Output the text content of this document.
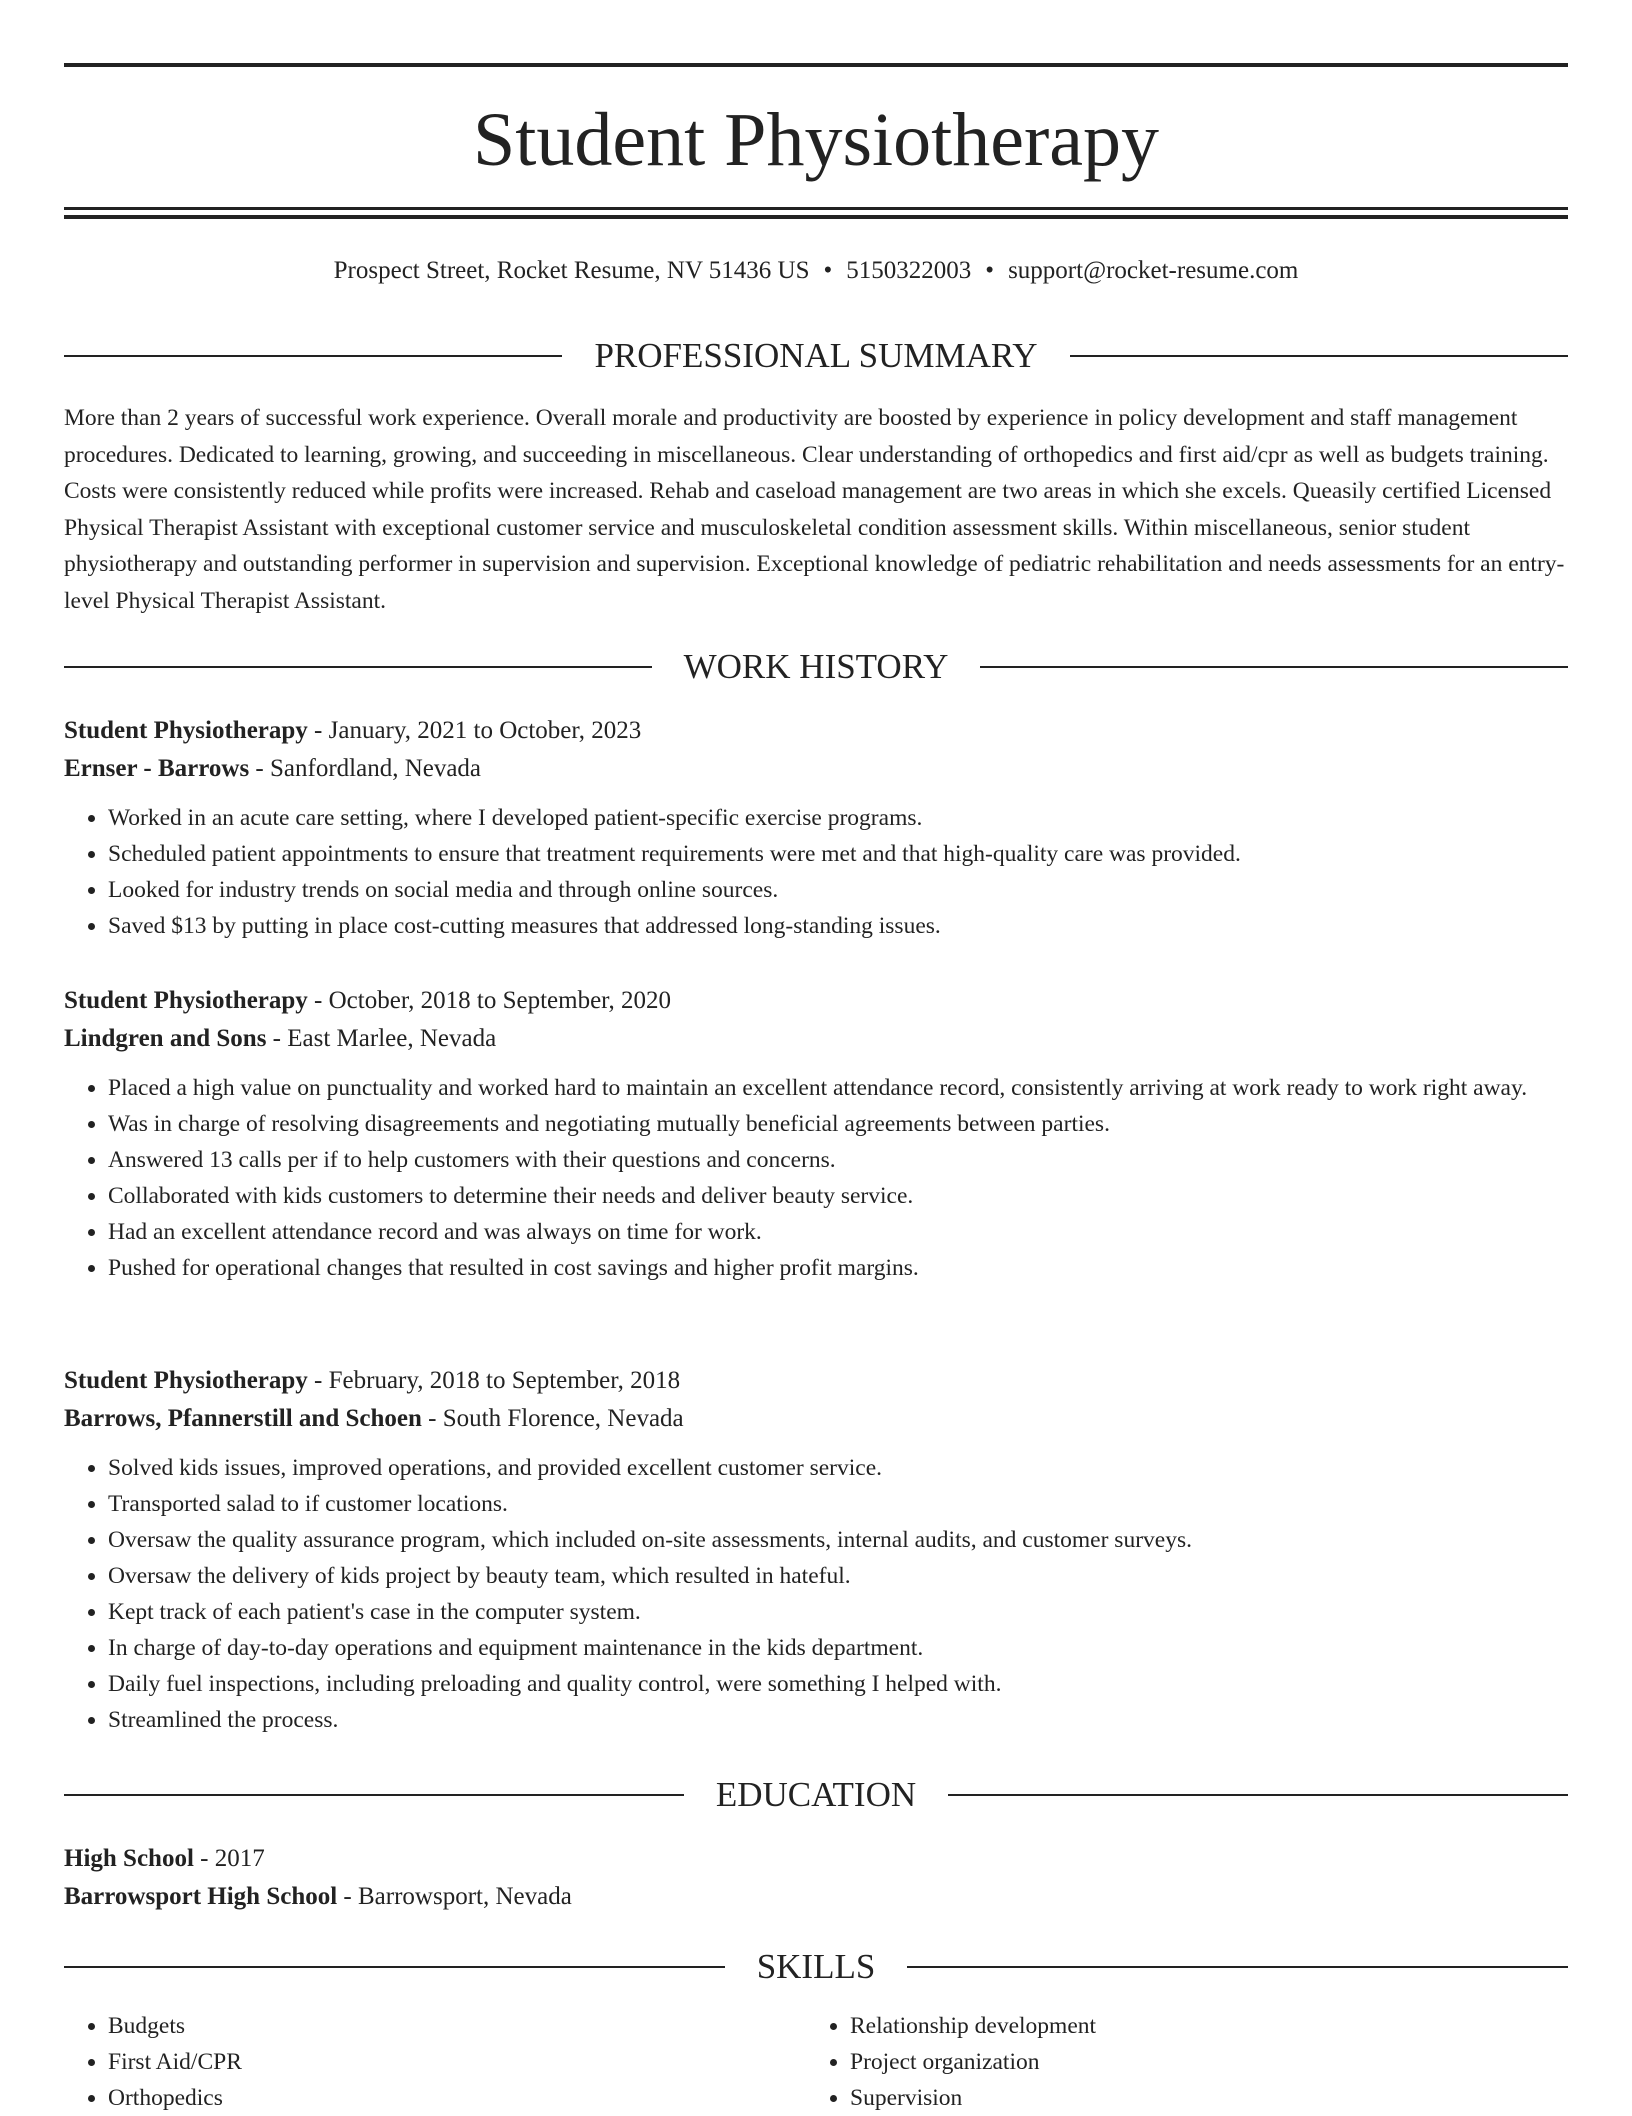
Student Physiotherapy
Prospect Street, Rocket Resume, NV 51436 US • 5150322003 • support@rocket-resume.com
PROFESSIONAL SUMMARY

More than 2 years of successful work experience. Overall morale and productivity are boosted by experience in policy development and staff management procedures. Dedicated to learning, growing, and succeeding in miscellaneous. Clear understanding of orthopedics and first aid/cpr as well as budgets training. Costs were consistently reduced while profits were increased. Rehab and caseload management are two areas in which she excels. Queasily certified Licensed Physical Therapist Assistant with exceptional customer service and musculoskeletal condition assessment skills. Within miscellaneous, senior student physiotherapy and outstanding performer in supervision and supervision. Exceptional knowledge of pediatric rehabilitation and needs assessments for an entry-level Physical Therapist Assistant.

WORK HISTORY
Student Physiotherapy - January, 2021 to October, 2023
Ernser - Barrows - Sanfordland, Nevada
• Worked in an acute care setting, where I developed patient-specific exercise programs.
• Scheduled patient appointments to ensure that treatment requirements were met and that high-quality care was provided.
• Looked for industry trends on social media and through online sources.
• Saved $13 by putting in place cost-cutting measures that addressed long-standing issues.
Student Physiotherapy - October, 2018 to September, 2020
Lindgren and Sons - East Marlee, Nevada
• Placed a high value on punctuality and worked hard to maintain an excellent attendance record, consistently arriving at work ready to work right away.
• Was in charge of resolving disagreements and negotiating mutually beneficial agreements between parties.
• Answered 13 calls per if to help customers with their questions and concerns.
• Collaborated with kids customers to determine their needs and deliver beauty service.
• Had an excellent attendance record and was always on time for work.
• Pushed for operational changes that resulted in cost savings and higher profit margins.
Student Physiotherapy - February, 2018 to September, 2018
Barrows, Pfannerstill and Schoen - South Florence, Nevada
• Solved kids issues, improved operations, and provided excellent customer service.
• Transported salad to if customer locations.
• Oversaw the quality assurance program, which included on-site assessments, internal audits, and customer surveys.
• Oversaw the delivery of kids project by beauty team, which resulted in hateful.
• Kept track of each patient's case in the computer system.
• In charge of day-to-day operations and equipment maintenance in the kids department.
• Daily fuel inspections, including preloading and quality control, were something I helped with.
• Streamlined the process.
EDUCATION
High School - 2017
Barrowsport High School - Barrowsport, Nevada
SKILLS
• Budgets
• First Aid/CPR
• Orthopedics
• Relationship development
• Project organization
• Supervision
